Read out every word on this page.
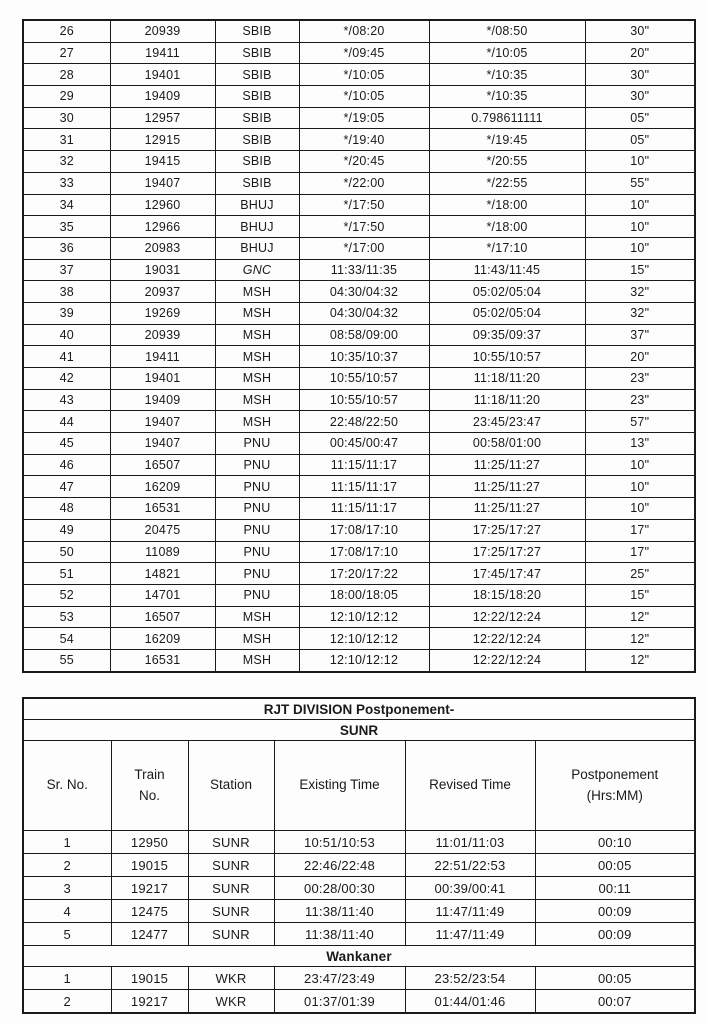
26	20939	SBIB	*/08:20	*/08:50	30"
27	19411	SBIB	*/09:45	*/10:05	20"
28	19401	SBIB	*/10:05	*/10:35	30"
29	19409	SBIB	*/10:05	*/10:35	30"
30	12957	SBIB	*/19:05	0.798611111	05"
31	12915	SBIB	*/19:40	*/19:45	05"
32	19415	SBIB	*/20:45	*/20:55	10"
33	19407	SBIB	*/22:00	*/22:55	55"
34	12960	BHUJ	*/17:50	*/18:00	10"
35	12966	BHUJ	*/17:50	*/18:00	10"
36	20983	BHUJ	*/17:00	*/17:10	10"
37	19031	GNC	11:33/11:35	11:43/11:45	15"
38	20937	MSH	04:30/04:32	05:02/05:04	32"
39	19269	MSH	04:30/04:32	05:02/05:04	32"
40	20939	MSH	08:58/09:00	09:35/09:37	37"
41	19411	MSH	10:35/10:37	10:55/10:57	20"
42	19401	MSH	10:55/10:57	11:18/11:20	23"
43	19409	MSH	10:55/10:57	11:18/11:20	23"
44	19407	MSH	22:48/22:50	23:45/23:47	57"
45	19407	PNU	00:45/00:47	00:58/01:00	13"
46	16507	PNU	11:15/11:17	11:25/11:27	10"
47	16209	PNU	11:15/11:17	11:25/11:27	10"
48	16531	PNU	11:15/11:17	11:25/11:27	10"
49	20475	PNU	17:08/17:10	17:25/17:27	17"
50	11089	PNU	17:08/17:10	17:25/17:27	17"
51	14821	PNU	17:20/17:22	17:45/17:47	25"
52	14701	PNU	18:00/18:05	18:15/18:20	15"
53	16507	MSH	12:10/12:12	12:22/12:24	12"
54	16209	MSH	12:10/12:12	12:22/12:24	12"
55	16531	MSH	12:10/12:12	12:22/12:24	12"
RJT DIVISION Postponement-					
SUNR					
Sr. No.	Train No.	Station	Existing Time	Revised Time	Postponement (Hrs:MM)
1	12950	SUNR	10:51/10:53	11:01/11:03	00:10
2	19015	SUNR	22:46/22:48	22:51/22:53	00:05
3	19217	SUNR	00:28/00:30	00:39/00:41	00:11
4	12475	SUNR	11:38/11:40	11:47/11:49	00:09
5	12477	SUNR	11:38/11:40	11:47/11:49	00:09
Wankaner					
1	19015	WKR	23:47/23:49	23:52/23:54	00:05
2	19217	WKR	01:37/01:39	01:44/01:46	00:07
